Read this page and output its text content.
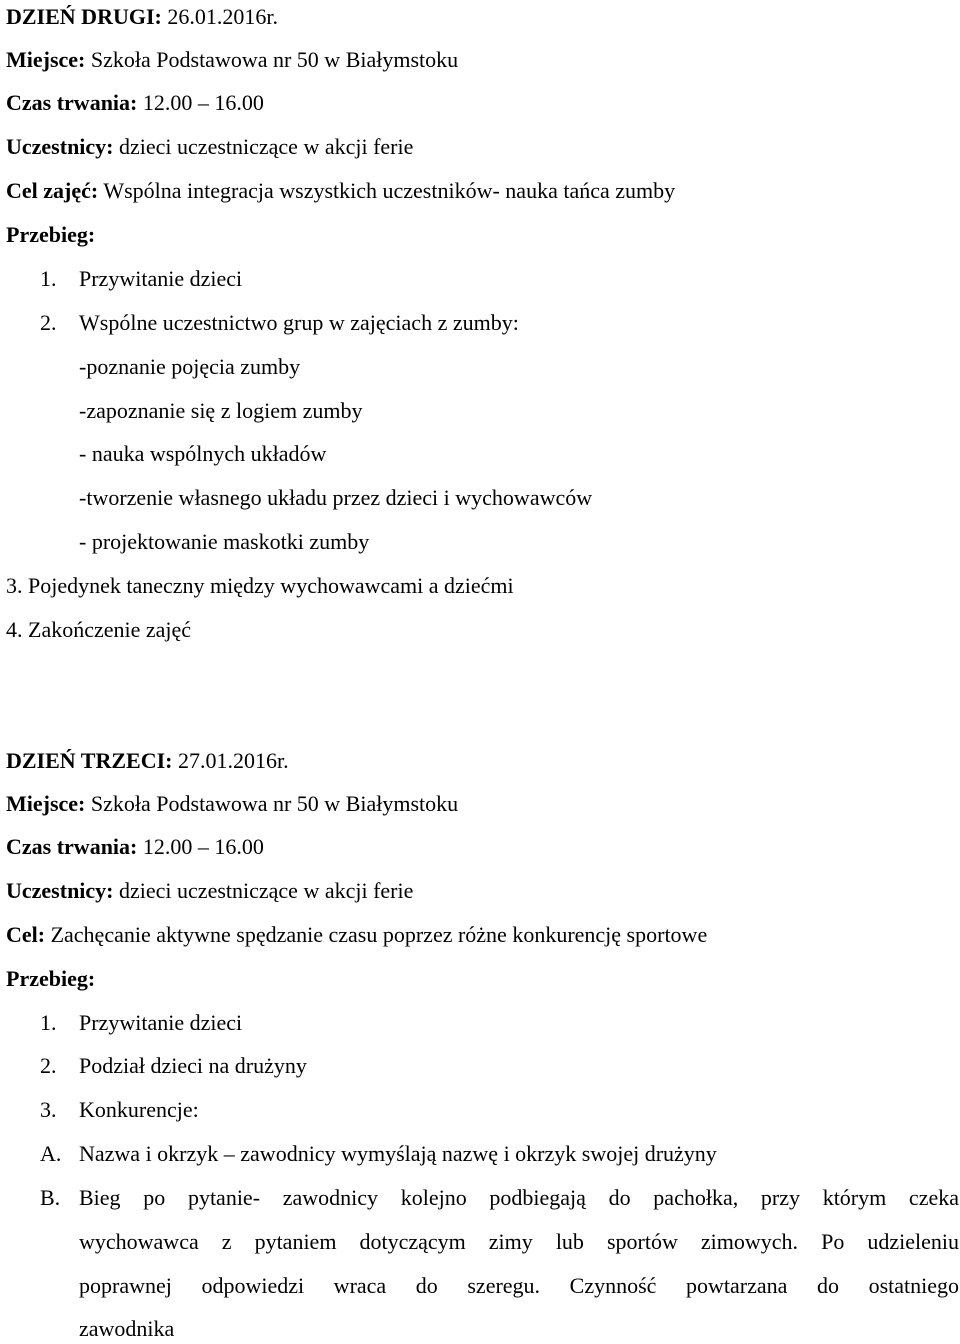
DZIEŃ DRUGI: 26.01.2016r.
Miejsce: Szkoła Podstawowa nr 50 w Białymstoku
Czas trwania: 12.00 – 16.00
Uczestnicy: dzieci uczestniczące w akcji ferie
Cel zajęć: Wspólna integracja wszystkich uczestników- nauka tańca zumby
Przebieg:
1. Przywitanie dzieci
2. Wspólne uczestnictwo grup w zajęciach z zumby:
-poznanie pojęcia zumby
-zapoznanie się z logiem zumby
- nauka wspólnych układów
-tworzenie własnego układu przez dzieci i wychowawców
- projektowanie maskotki zumby
3. Pojedynek taneczny między wychowawcami a dziećmi
4. Zakończenie zajęć
DZIEŃ TRZECI: 27.01.2016r.
Miejsce: Szkoła Podstawowa nr 50 w Białymstoku
Czas trwania: 12.00 – 16.00
Uczestnicy: dzieci uczestniczące w akcji ferie
Cel: Zachęcanie aktywne spędzanie czasu poprzez różne konkurencję sportowe
Przebieg:
1. Przywitanie dzieci
2. Podział dzieci na drużyny
3. Konkurencje:
A. Nazwa i okrzyk – zawodnicy wymyślają nazwę i okrzyk swojej drużyny
B. Bieg po pytanie- zawodnicy kolejno podbiegają do pachołka, przy którym czeka
wychowawca z pytaniem dotyczącym zimy lub sportów zimowych. Po udzieleniu
poprawnej odpowiedzi wraca do szeregu. Czynność powtarzana do ostatniego
zawodnika
